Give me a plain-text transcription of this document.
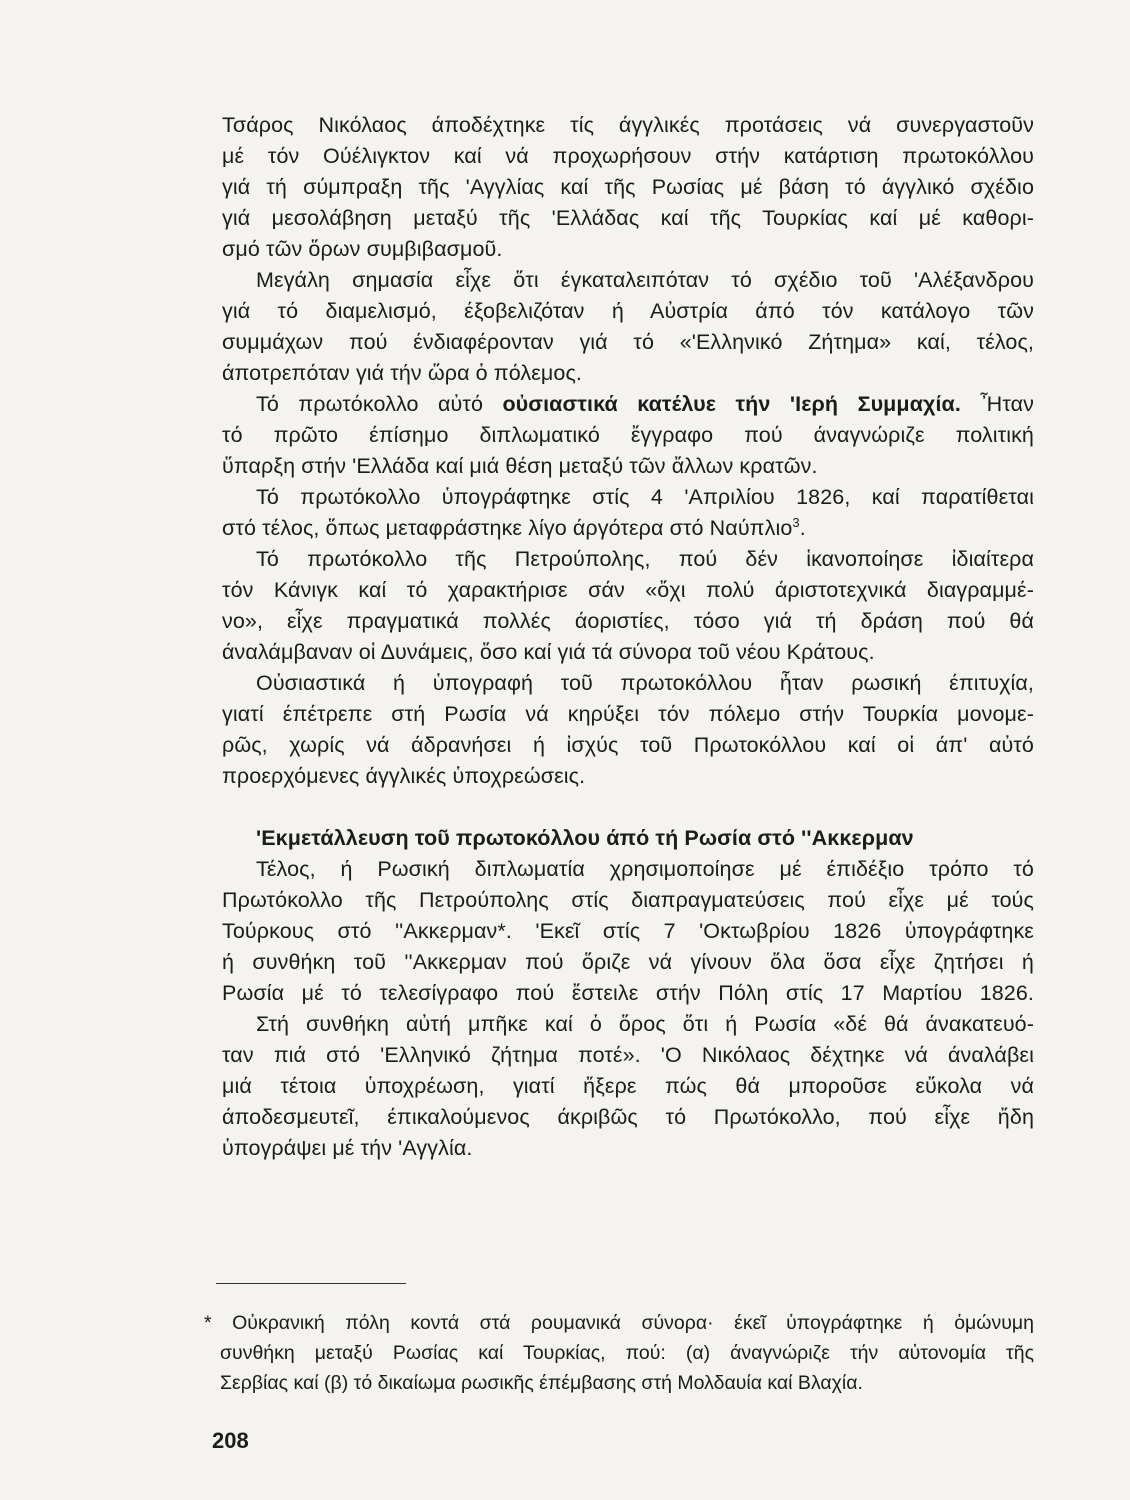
Τσάρος Νικόλαος άποδέχτηκε τίς άγγλικές προτάσεις νά συνεργαστοῦν
μέ τόν Ούέλιγκτον καί νά προχωρήσουν στήν κατάρτιση πρωτοκόλλου
γιά τή σύμπραξη τῆς 'Αγγλίας καί τῆς Ρωσίας μέ βάση τό άγγλικό σχέδιο
γιά μεσολάβηση μεταξύ τῆς 'Ελλάδας καί τῆς Τουρκίας καί μέ καθορι-
σμό τῶν ὅρων συμβιβασμοῦ.
Μεγάλη σημασία εἶχε ὅτι έγκαταλειπόταν τό σχέδιο τοῦ 'Αλέξανδρου
γιά τό διαμελισμό, έξοβελιζόταν ή Αὐστρία άπό τόν κατάλογο τῶν
συμμάχων πού ένδιαφέρονταν γιά τό «'Ελληνικό Ζήτημα» καί, τέλος,
άποτρεπόταν γιά τήν ὥρα ὁ πόλεμος.
Τό πρωτόκολλο αὐτό οὐσιαστικά κατέλυε τήν 'Ιερή Συμμαχία. Ἦταν
τό πρῶτο έπίσημο διπλωματικό ἔγγραφο πού άναγνώριζε πολιτική
ὕπαρξη στήν 'Ελλάδα καί μιά θέση μεταξύ τῶν ἄλλων κρατῶν.
Τό πρωτόκολλο ὑπογράφτηκε στίς 4 'Απριλίου 1826, καί παρατίθεται
στό τέλος, ὅπως μεταφράστηκε λίγο άργότερα στό Ναύπλιο$^3$.
Τό πρωτόκολλο τῆς Πετρούπολης, πού δέν ἱκανοποίησε ἰδιαίτερα
τόν Κάνιγκ καί τό χαρακτήρισε σάν «ὄχι πολύ άριστοτεχνικά διαγραμμέ-
νο», εἶχε πραγματικά πολλές άοριστίες, τόσο γιά τή δράση πού θά
άναλάμβαναν οἱ Δυνάμεις, ὅσο καί γιά τά σύνορα τοῦ νέου Κράτους.
Οὐσιαστικά ή ὑπογραφή τοῦ πρωτοκόλλου ἦταν ρωσική έπιτυχία,
γιατί έπέτρεπε στή Ρωσία νά κηρύξει τόν πόλεμο στήν Τουρκία μονομε-
ρῶς, χωρίς νά άδρανήσει ή ἰσχύς τοῦ Πρωτοκόλλου καί οἱ άπ' αὐτό
προερχόμενες άγγλικές ὑποχρεώσεις.
'Εκμετάλλευση τοῦ πρωτοκόλλου άπό τή Ρωσία στό ''Ακκερμαν
Τέλος, ή Ρωσική διπλωματία χρησιμοποίησε μέ έπιδέξιο τρόπο τό
Πρωτόκολλο τῆς Πετρούπολης στίς διαπραγματεύσεις πού εἶχε μέ τούς
Τούρκους στό ''Ακκερμαν*. 'Εκεῖ στίς 7 'Οκτωβρίου 1826 ὑπογράφτηκε
ή συνθήκη τοῦ ''Ακκερμαν πού ὅριζε νά γίνουν ὅλα ὅσα εἶχε ζητήσει ή
Ρωσία μέ τό τελεσίγραφο πού ἔστειλε στήν Πόλη στίς 17 Μαρτίου 1826.
Στή συνθήκη αὐτή μπῆκε καί ὁ ὅρος ὅτι ή Ρωσία «δέ θά άνακατευό-
ταν πιά στό 'Ελληνικό ζήτημα ποτέ». 'Ο Νικόλαος δέχτηκε νά άναλάβει
μιά τέτοια ὑποχρέωση, γιατί ἤξερε πώς θά μποροῦσε εὔκολα νά
άποδεσμευτεῖ, έπικαλούμενος άκριβῶς τό Πρωτόκολλο, πού εἶχε ἤδη
ὑπογράψει μέ τήν 'Αγγλία.
* Οὐκρανική πόλη κοντά στά ρουμανικά σύνορα· έκεῖ ὑπογράφτηκε ή ὁμώνυμη
συνθήκη μεταξύ Ρωσίας καί Τουρκίας, πού: (α) άναγνώριζε τήν αὐτονομία τῆς
Σερβίας καί (β) τό δικαίωμα ρωσικῆς έπέμβασης στή Μολδαυία καί Βλαχία.
208
